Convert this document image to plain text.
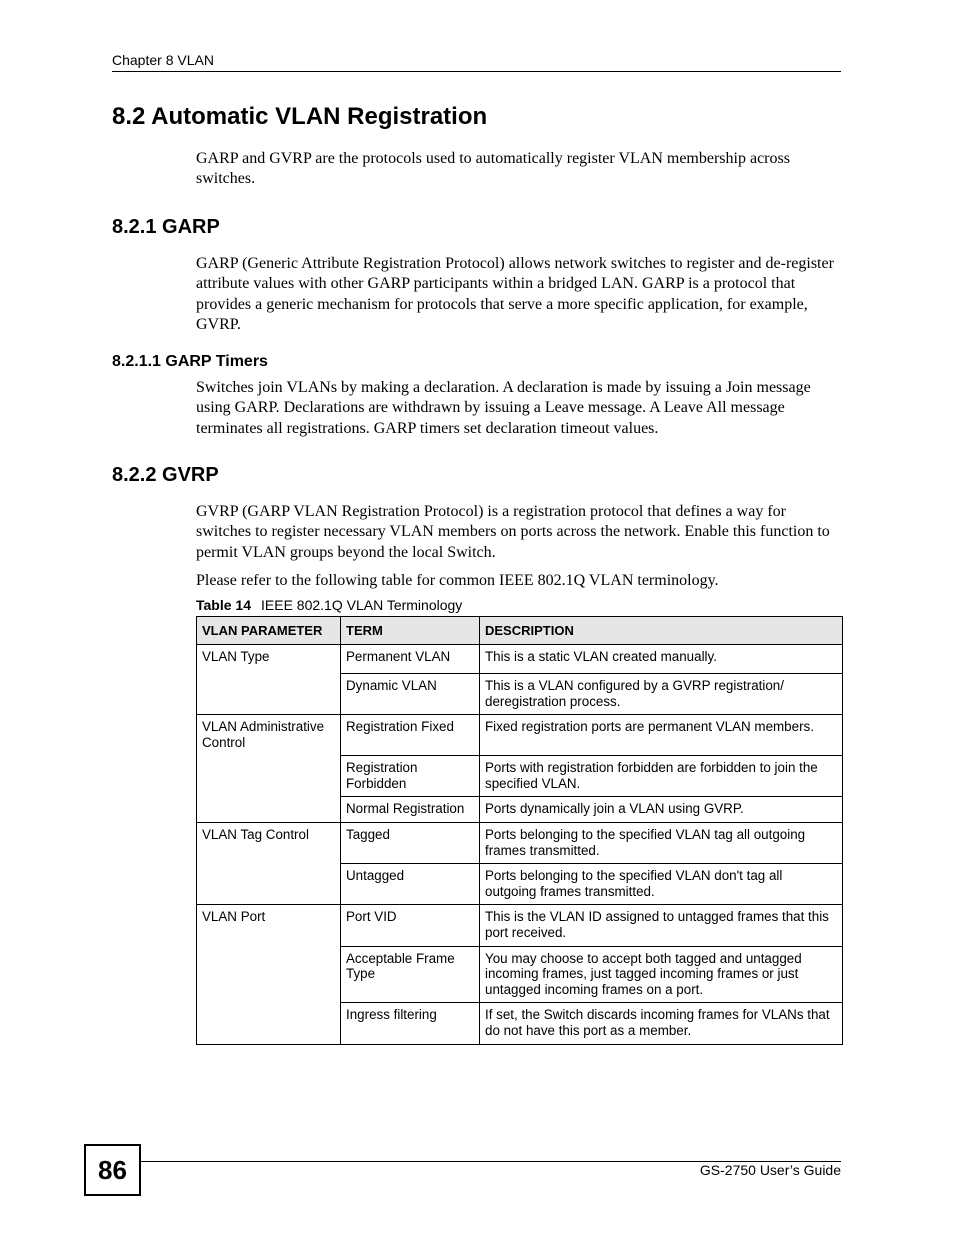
Chapter 8 VLAN
8.2 Automatic VLAN Registration

GARP and GVRP are the protocols used to automatically register VLAN membership across switches.

8.2.1 GARP

GARP (Generic Attribute Registration Protocol) allows network switches to register and de-register attribute values with other GARP participants within a bridged LAN. GARP is a protocol that provides a generic mechanism for protocols that serve a more specific application, for example, GVRP.

8.2.1.1 GARP Timers

Switches join VLANs by making a declaration. A declaration is made by issuing a Join message using GARP. Declarations are withdrawn by issuing a Leave message. A Leave All message terminates all registrations. GARP timers set declaration timeout values.

8.2.2 GVRP

GVRP (GARP VLAN Registration Protocol) is a registration protocol that defines a way for switches to register necessary VLAN members on ports across the network. Enable this function to permit VLAN groups beyond the local Switch.

Please refer to the following table for common IEEE 802.1Q VLAN terminology.

Table 14 IEEE 802.1Q VLAN Terminology
VLAN PARAMETER	TERM	DESCRIPTION
VLAN Type	Permanent VLAN	This is a static VLAN created manually.
	Dynamic VLAN	This is a VLAN configured by a GVRP registration/ deregistration process.
VLAN Administrative Control	Registration Fixed	Fixed registration ports are permanent VLAN members.
	Registration Forbidden	Ports with registration forbidden are forbidden to join the specified VLAN.
	Normal Registration	Ports dynamically join a VLAN using GVRP.
VLAN Tag Control	Tagged	Ports belonging to the specified VLAN tag all outgoing frames transmitted.
	Untagged	Ports belonging to the specified VLAN don't tag all outgoing frames transmitted.
VLAN Port	Port VID	This is the VLAN ID assigned to untagged frames that this port received.
	Acceptable Frame Type	You may choose to accept both tagged and untagged incoming frames, just tagged incoming frames or just untagged incoming frames on a port.
	Ingress filtering	If set, the Switch discards incoming frames for VLANs that do not have this port as a member.
86	GS-2750 User’s Guide
